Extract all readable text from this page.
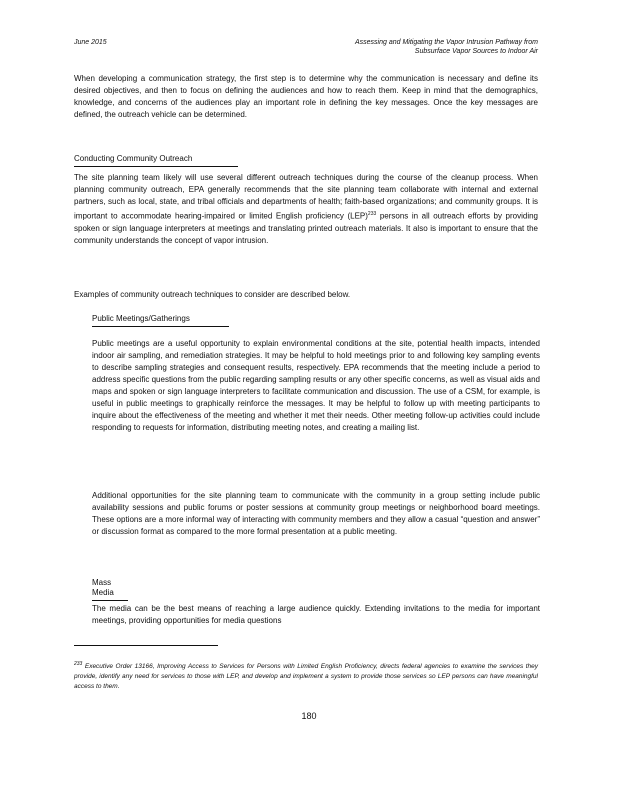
June 2015	Assessing and Mitigating the Vapor Intrusion Pathway from
Subsurface Vapor Sources to Indoor Air
When developing a communication strategy, the first step is to determine why the communication is necessary and define its desired objectives, and then to focus on defining the audiences and how to reach them. Keep in mind that the demographics, knowledge, and concerns of the audiences play an important role in defining the key messages. Once the key messages are defined, the outreach vehicle can be determined.
Conducting Community Outreach
The site planning team likely will use several different outreach techniques during the course of the cleanup process. When planning community outreach, EPA generally recommends that the site planning team collaborate with internal and external partners, such as local, state, and tribal officials and departments of health; faith-based organizations; and community groups. It is important to accommodate hearing-impaired or limited English proficiency (LEP)$^{233}$ persons in all outreach efforts by providing spoken or sign language interpreters at meetings and translating printed outreach materials. It also is important to ensure that the community understands the concept of vapor intrusion.
Examples of community outreach techniques to consider are described below.
Public Meetings/Gatherings
Public meetings are a useful opportunity to explain environmental conditions at the site, potential health impacts, intended indoor air sampling, and remediation strategies. It may be helpful to hold meetings prior to and following key sampling events to describe sampling strategies and consequent results, respectively. EPA recommends that the meeting include a period to address specific questions from the public regarding sampling results or any other specific concerns, as well as visual aids and maps and spoken or sign language interpreters to facilitate communication and discussion. The use of a CSM, for example, is useful in public meetings to graphically reinforce the messages. It may be helpful to follow up with meeting participants to inquire about the effectiveness of the meeting and whether it met their needs. Other meeting follow-up activities could include responding to requests for information, distributing meeting notes, and creating a mailing list.
Additional opportunities for the site planning team to communicate with the community in a group setting include public availability sessions and public forums or poster sessions at community group meetings or neighborhood board meetings. These options are a more informal way of interacting with community members and they allow a casual “question and answer” or discussion format as compared to the more formal presentation at a public meeting.
Mass Media
The media can be the best means of reaching a large audience quickly. Extending invitations to the media for important meetings, providing opportunities for media questions
$^{233}$ Executive Order 13166, Improving Access to Services for Persons with Limited English Proficiency, directs federal agencies to examine the services they provide, identify any need for services to those with LEP, and develop and implement a system to provide those services so LEP persons can have meaningful access to them.
180
